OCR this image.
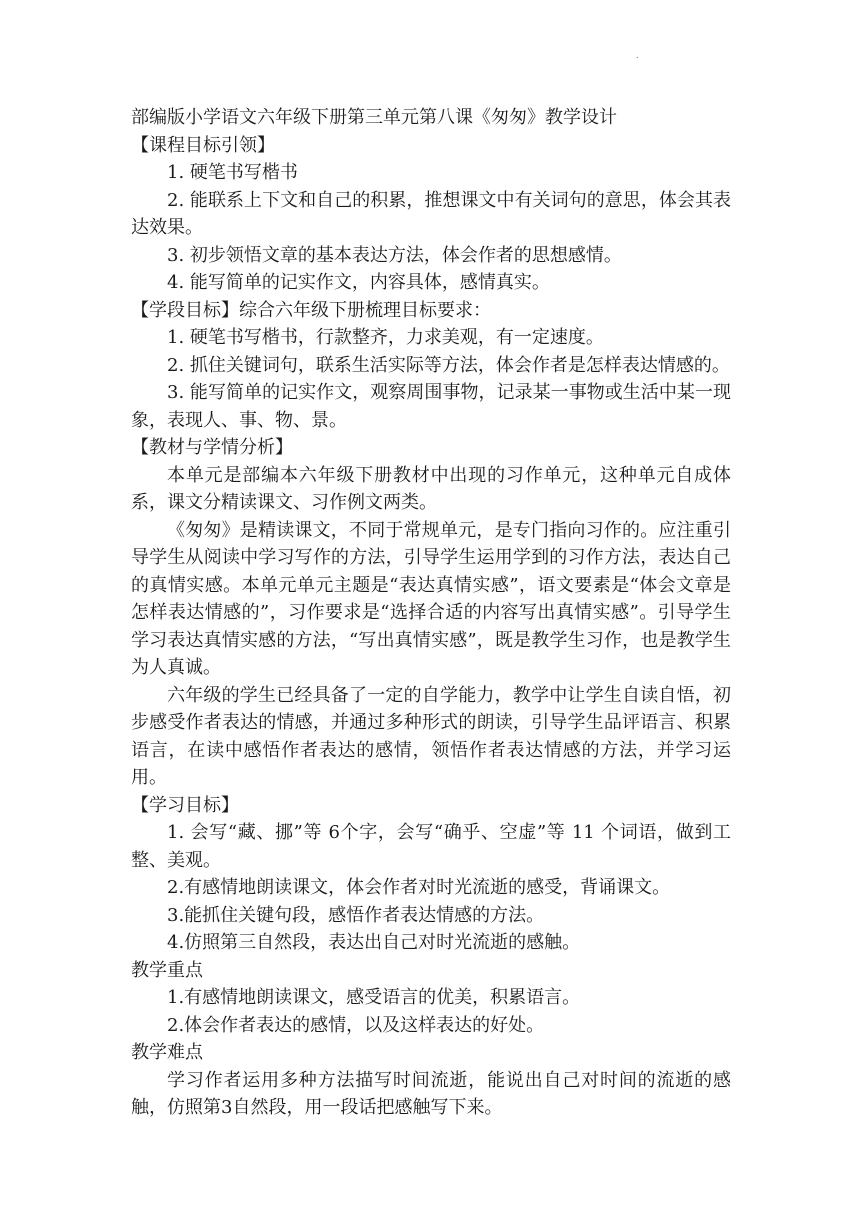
.

部编版小学语文六年级下册第三单元第八课《匆匆》教学设计

【课程目标引领】

1. 硬笔书写楷书

2. 能联系上下文和自己的积累，推想课文中有关词句的意思，体会其表达效果。

3. 初步领悟文章的基本表达方法，体会作者的思想感情。

4. 能写简单的记实作文，内容具体，感情真实。

【学段目标】综合六年级下册梳理目标要求：

1. 硬笔书写楷书，行款整齐，力求美观，有一定速度。

2. 抓住关键词句，联系生活实际等方法，体会作者是怎样表达情感的。

3. 能写简单的记实作文，观察周围事物，记录某一事物或生活中某一现象，表现人、事、物、景。

【教材与学情分析】

本单元是部编本六年级下册教材中出现的习作单元，这种单元自成体系，课文分精读课文、习作例文两类。

《匆匆》是精读课文，不同于常规单元，是专门指向习作的。应注重引导学生从阅读中学习写作的方法，引导学生运用学到的习作方法，表达自己的真情实感。本单元单元主题是“表达真情实感”，语文要素是“体会文章是怎样表达情感的”，习作要求是“选择合适的内容写出真情实感”。引导学生学习表达真情实感的方法，“写出真情实感”，既是教学生习作，也是教学生为人真诚。

六年级的学生已经具备了一定的自学能力，教学中让学生自读自悟，初步感受作者表达的情感，并通过多种形式的朗读，引导学生品评语言、积累语言，在读中感悟作者表达的感情，领悟作者表达情感的方法，并学习运用。

【学习目标】

1. 会写“藏、挪”等 6个字，会写“确乎、空虚”等 11 个词语，做到工整、美观。

2.有感情地朗读课文，体会作者对时光流逝的感受，背诵课文。

3.能抓住关键句段，感悟作者表达情感的方法。

4.仿照第三自然段，表达出自己对时光流逝的感触。

教学重点

1.有感情地朗读课文，感受语言的优美，积累语言。

2.体会作者表达的感情，以及这样表达的好处。

教学难点

学习作者运用多种方法描写时间流逝，能说出自己对时间的流逝的感触，仿照第3自然段，用一段话把感触写下来。
